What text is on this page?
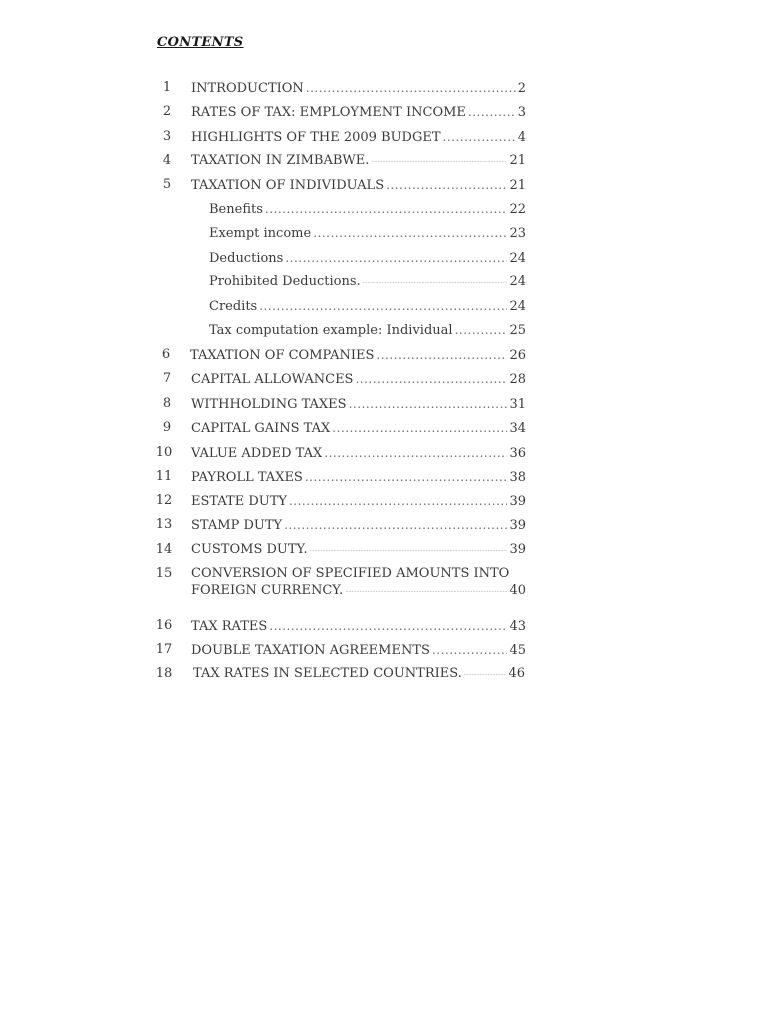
CONTENTS
1	INTRODUCTION .....	2
2	RATES OF TAX: EMPLOYMENT INCOME .....	3
3	HIGHLIGHTS OF THE 2009 BUDGET .....	4
4	TAXATION IN ZIMBABWE. .....	21
5	TAXATION OF INDIVIDUALS .....	21
Benefits .....	22
Exempt income .....	23
Deductions .....	24
Prohibited Deductions. .....	24
Credits .....	24
Tax computation example: Individual .....	25
6	TAXATION OF COMPANIES .....	26
7	CAPITAL ALLOWANCES .....	28
8	WITHHOLDING TAXES .....	31
9	CAPITAL GAINS TAX .....	34
10	VALUE ADDED TAX .....	36
11	PAYROLL TAXES .....	38
12	ESTATE DUTY .....	39
13	STAMP DUTY .....	39
14	CUSTOMS DUTY. .....	39
15	CONVERSION OF SPECIFIED AMOUNTS INTO
FOREIGN CURRENCY. .....	40
16	TAX RATES .....	43
17	DOUBLE TAXATION AGREEMENTS .....	45
18	TAX RATES IN SELECTED COUNTRIES. .....	46
